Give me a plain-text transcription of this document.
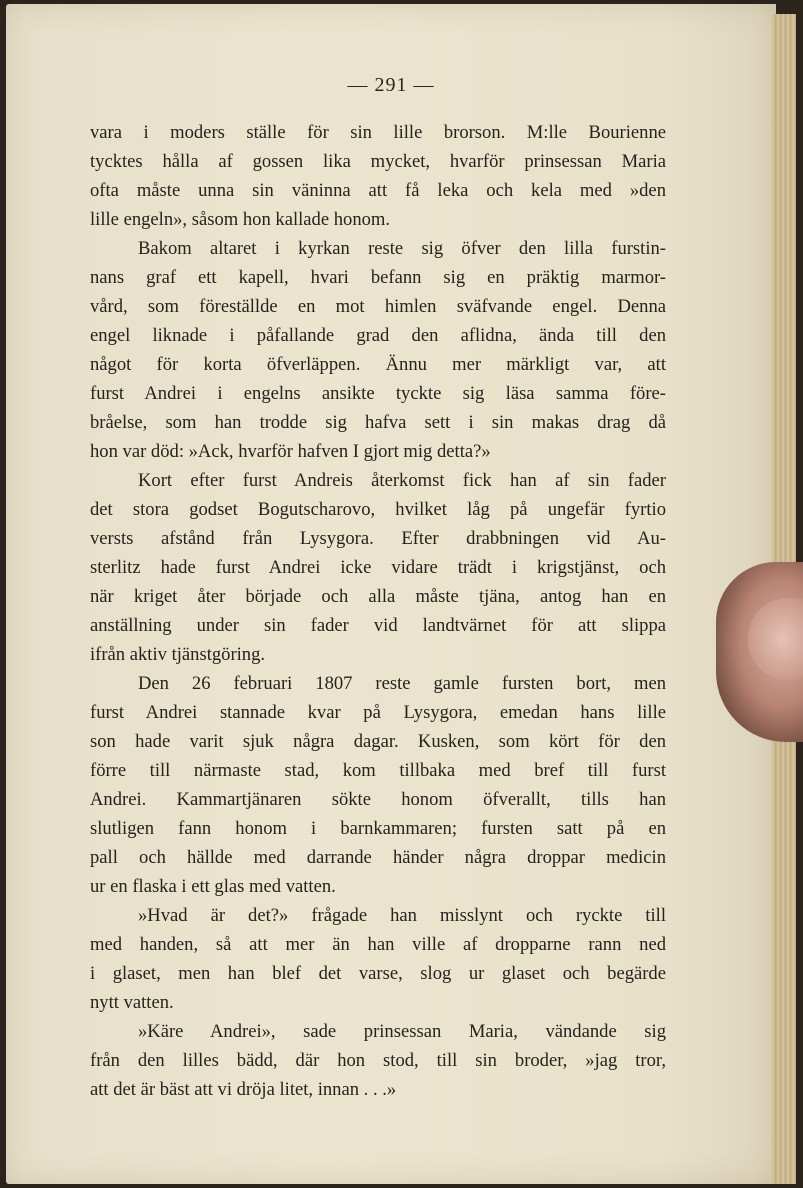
— 291 —
vara i moders ställe för sin lille brorson. M:lle Bourienne
tycktes hålla af gossen lika mycket, hvarför prinsessan Maria
ofta måste unna sin väninna att få leka och kela med »den
lille engeln», såsom hon kallade honom.
Bakom altaret i kyrkan reste sig öfver den lilla furstin-
nans graf ett kapell, hvari befann sig en präktig marmor-
vård, som föreställde en mot himlen sväfvande engel. Denna
engel liknade i påfallande grad den aflidna, ända till den
något för korta öfverläppen. Ännu mer märkligt var, att
furst Andrei i engelns ansikte tyckte sig läsa samma före-
bråelse, som han trodde sig hafva sett i sin makas drag då
hon var död: »Ack, hvarför hafven I gjort mig detta?»
Kort efter furst Andreis återkomst fick han af sin fader
det stora godset Bogutscharovo, hvilket låg på ungefär fyrtio
versts afstånd från Lysygora. Efter drabbningen vid Au-
sterlitz hade furst Andrei icke vidare trädt i krigstjänst, och
när kriget åter började och alla måste tjäna, antog han en
anställning under sin fader vid landtvärnet för att slippa
ifrån aktiv tjänstgöring.
Den 26 februari 1807 reste gamle fursten bort, men
furst Andrei stannade kvar på Lysygora, emedan hans lille
son hade varit sjuk några dagar. Kusken, som kört för den
förre till närmaste stad, kom tillbaka med bref till furst
Andrei. Kammartjänaren sökte honom öfverallt, tills han
slutligen fann honom i barnkammaren; fursten satt på en
pall och hällde med darrande händer några droppar medicin
ur en flaska i ett glas med vatten.
»Hvad är det?» frågade han misslynt och ryckte till
med handen, så att mer än han ville af dropparne rann ned
i glaset, men han blef det varse, slog ur glaset och begärde
nytt vatten.
»Käre Andrei», sade prinsessan Maria, vändande sig
från den lilles bädd, där hon stod, till sin broder, »jag tror,
att det är bäst att vi dröja litet, innan . . .»
